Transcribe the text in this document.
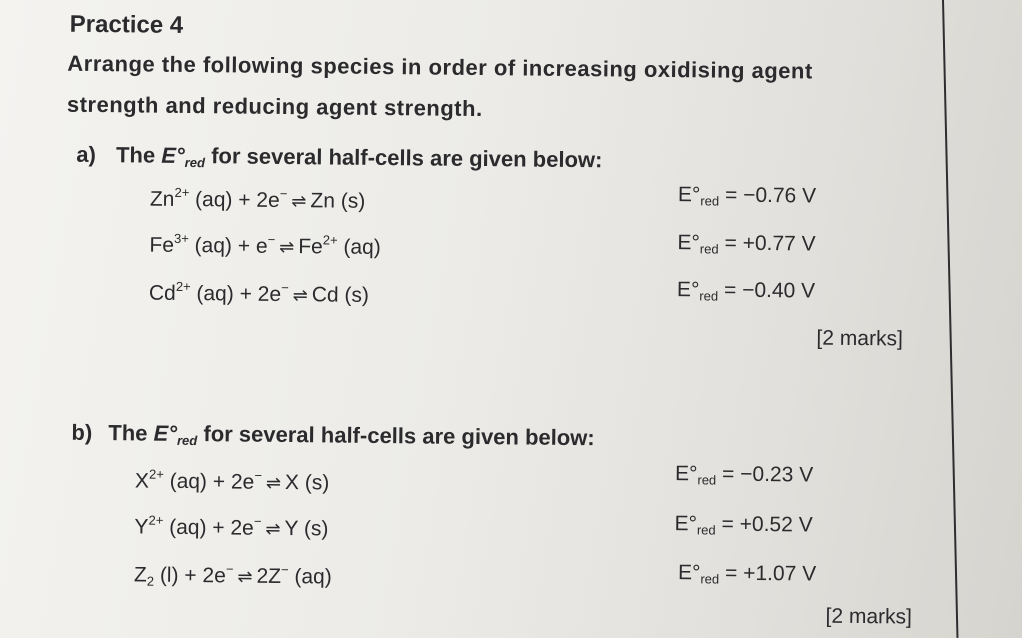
Practice 4
Arrange the following species in order of increasing oxidising agent
strength and reducing agent strength.
a) The $E^\circ_{red}$ for several half-cells are given below:
$Zn^{2+}$ (aq) + 2e− ⇌ Zn (s)	$E^\circ_{red} = -0.76$ V
$Fe^{3+}$ (aq) + e− ⇌ $Fe^{2+}$ (aq)	$E^\circ_{red} = +0.77$ V
$Cd^{2+}$ (aq) + 2e− ⇌ Cd (s)	$E^\circ_{red} = -0.40$ V
[2 marks]
b) The $E^\circ_{red}$ for several half-cells are given below:
$X^{2+}$ (aq) + 2e− ⇌ X (s)	$E^\circ_{red} = -0.23$ V
$Y^{2+}$ (aq) + 2e− ⇌ Y (s)	$E^\circ_{red} = +0.52$ V
$Z_2$ (l) + 2e− ⇌ 2Z− (aq)	$E^\circ_{red} = +1.07$ V
[2 marks]
